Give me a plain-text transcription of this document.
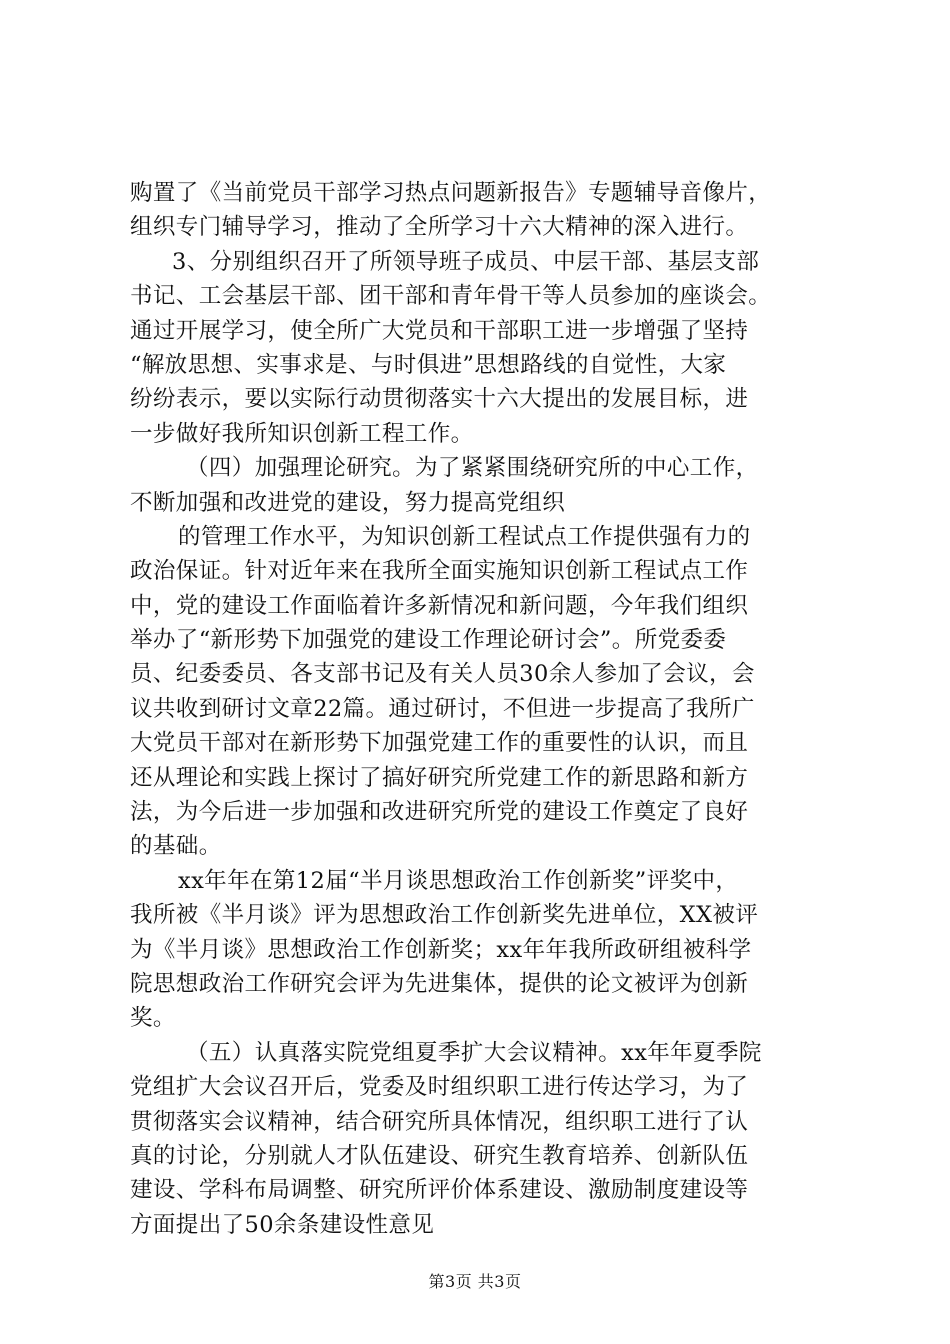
购置了《当前党员干部学习热点问题新报告》专题辅导音像片，
组织专门辅导学习，推动了全所学习十六大精神的深入进行。
3、分别组织召开了所领导班子成员、中层干部、基层支部
书记、工会基层干部、团干部和青年骨干等人员参加的座谈会。
通过开展学习，使全所广大党员和干部职工进一步增强了坚持
“解放思想、实事求是、与时俱进”思想路线的自觉性，大家
纷纷表示，要以实际行动贯彻落实十六大提出的发展目标，进
一步做好我所知识创新工程工作。
（四）加强理论研究。为了紧紧围绕研究所的中心工作，
不断加强和改进党的建设，努力提高党组织
的管理工作水平，为知识创新工程试点工作提供强有力的
政治保证。针对近年来在我所全面实施知识创新工程试点工作
中，党的建设工作面临着许多新情况和新问题，今年我们组织
举办了“新形势下加强党的建设工作理论研讨会”。所党委委
员、纪委委员、各支部书记及有关人员30余人参加了会议，会
议共收到研讨文章22篇。通过研讨，不但进一步提高了我所广
大党员干部对在新形势下加强党建工作的重要性的认识，而且
还从理论和实践上探讨了搞好研究所党建工作的新思路和新方
法，为今后进一步加强和改进研究所党的建设工作奠定了良好
的基础。
xx年年在第12届“半月谈思想政治工作创新奖”评奖中，
我所被《半月谈》评为思想政治工作创新奖先进单位，XX被评
为《半月谈》思想政治工作创新奖；xx年年我所政研组被科学
院思想政治工作研究会评为先进集体，提供的论文被评为创新
奖。
（五）认真落实院党组夏季扩大会议精神。xx年年夏季院
党组扩大会议召开后，党委及时组织职工进行传达学习，为了
贯彻落实会议精神，结合研究所具体情况，组织职工进行了认
真的讨论，分别就人才队伍建设、研究生教育培养、创新队伍
建设、学科布局调整、研究所评价体系建设、激励制度建设等
方面提出了50余条建设性意见
第3页 共3页
